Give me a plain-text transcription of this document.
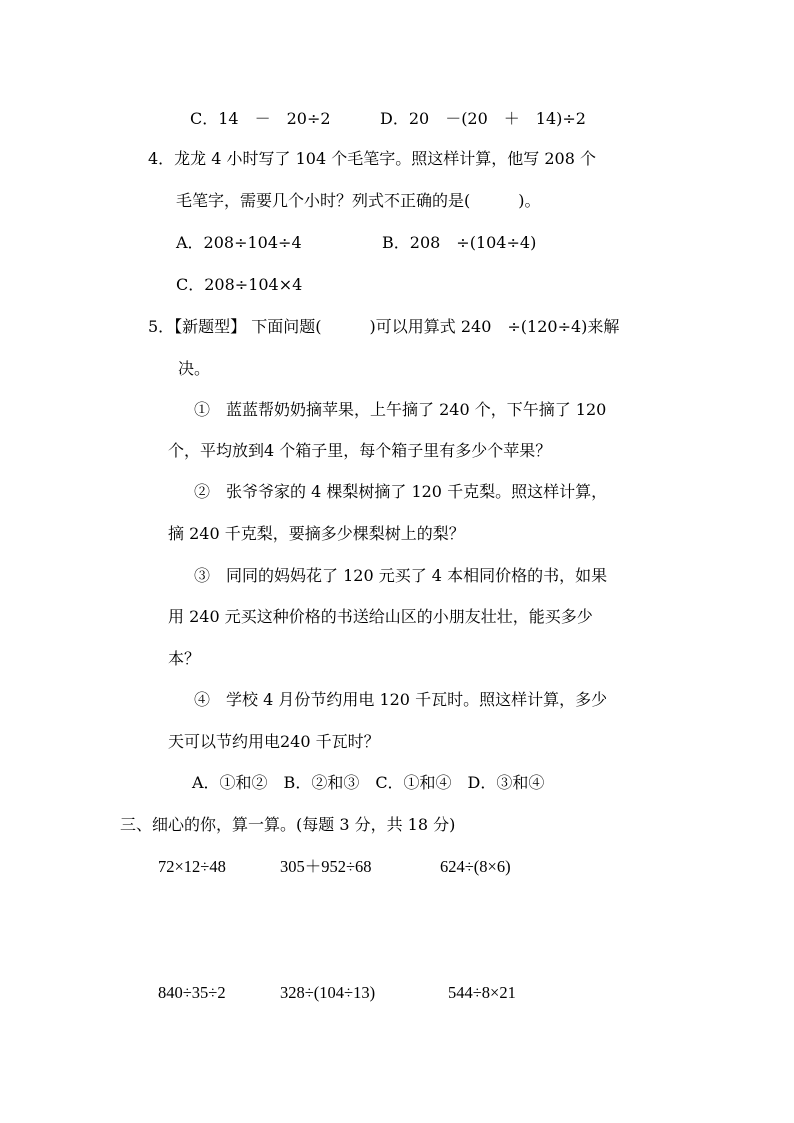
C．14　－　20÷2	D．20　－(20　＋　14)÷2
4．龙龙 4 小时写了 104 个毛笔字。照这样计算，他写 208 个
毛笔字，需要几个小时？列式不正确的是(　　　)。
A．208÷104÷4	B．208　÷(104÷4)
C．208÷104×4
5．【新题型】 下面问题(　　　)可以用算式 240　÷(120÷4)来解
决。
①　蓝蓝帮奶奶摘苹果，上午摘了 240 个，下午摘了 120
个，平均放到4 个箱子里，每个箱子里有多少个苹果？
②　张爷爷家的 4 棵梨树摘了 120 千克梨。照这样计算，
摘 240 千克梨，要摘多少棵梨树上的梨？
③　同同的妈妈花了 120 元买了 4 本相同价格的书，如果
用 240 元买这种价格的书送给山区的小朋友壮壮，能买多少
本？
④　学校 4 月份节约用电 120 千瓦时。照这样计算，多少
天可以节约用电240 千瓦时？
A．①和②　B．②和③　C．①和④　D．③和④
三、细心的你，算一算。(每题 3 分，共 18 分)
72×12÷48	305＋952÷68	624÷(8×6)
840÷35÷2	328÷(104÷13)	544÷8×21
